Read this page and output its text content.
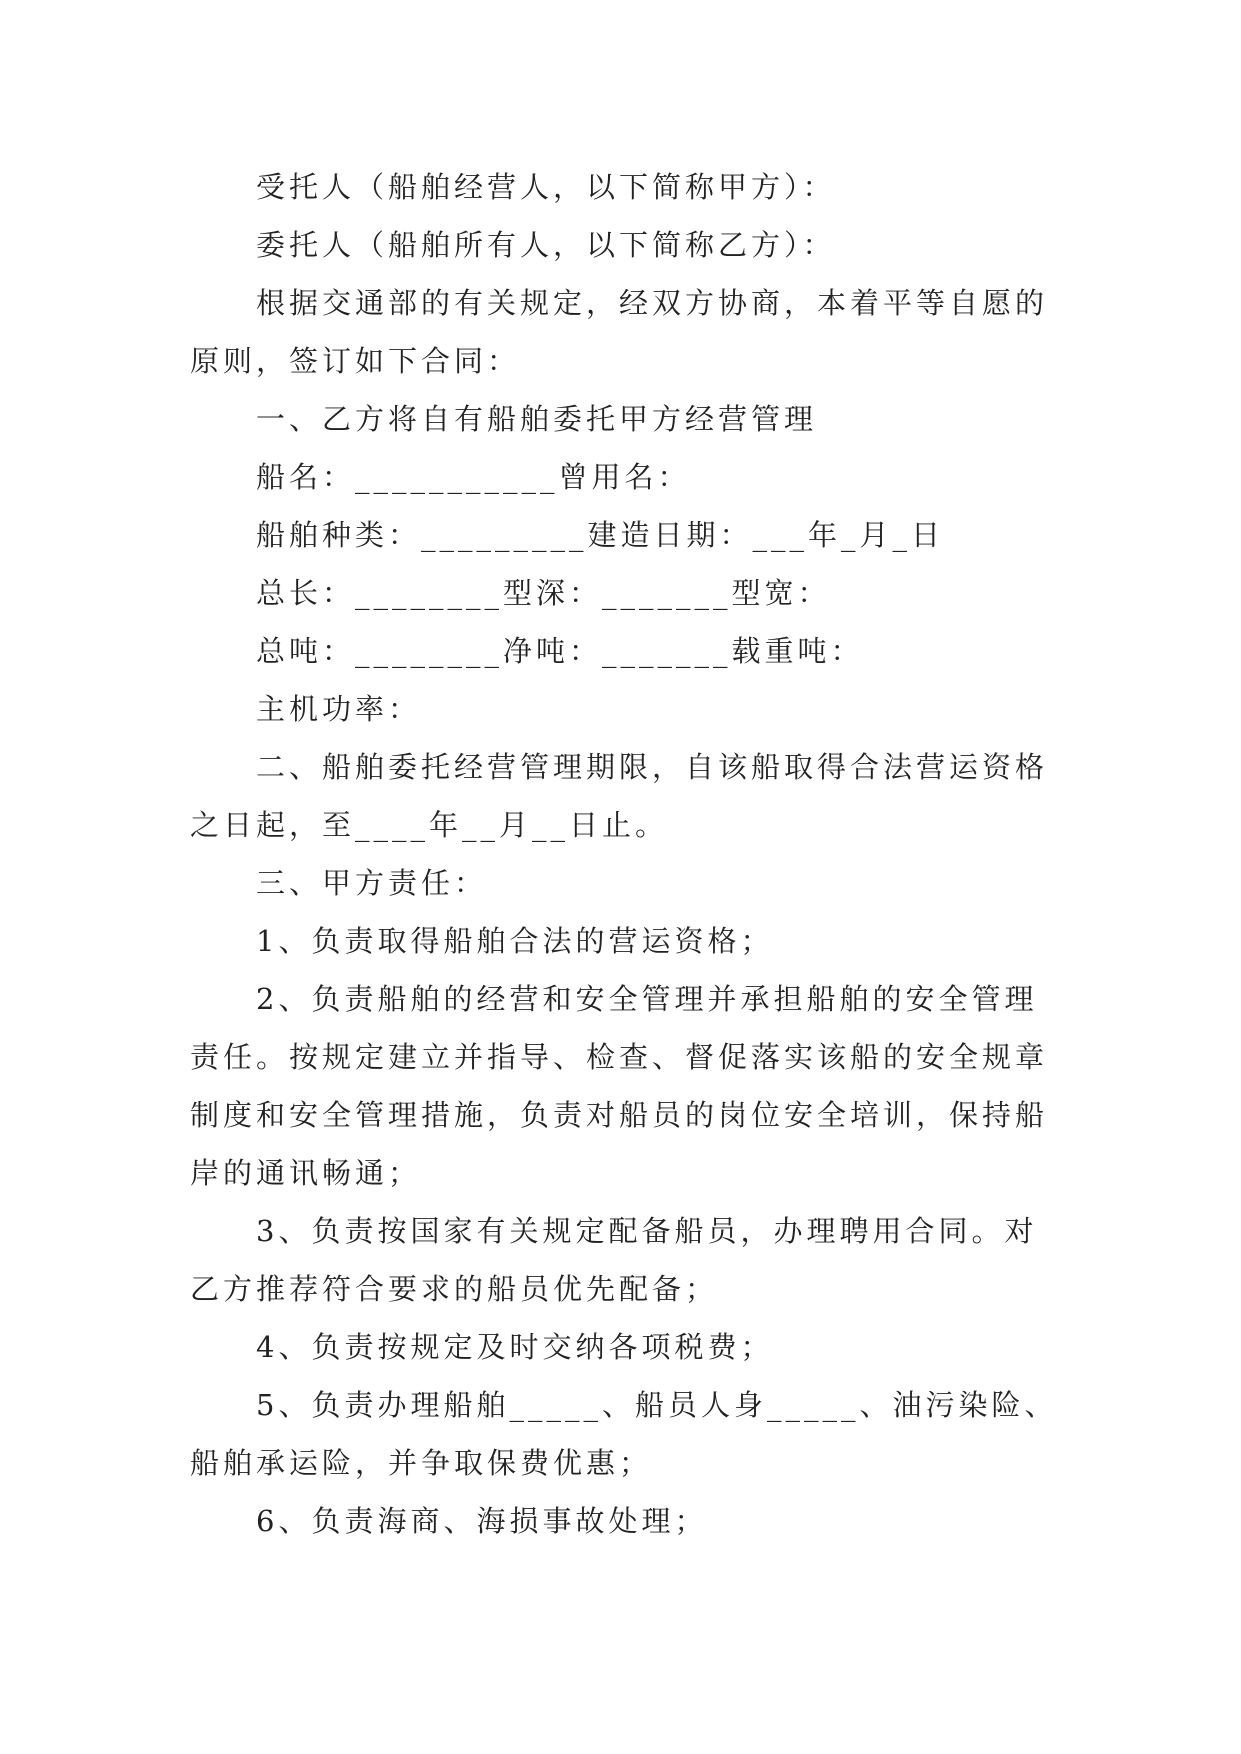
受托人（船舶经营人，以下简称甲方）：
委托人（船舶所有人，以下简称乙方）：
根据交通部的有关规定，经双方协商，本着平等自愿的
原则，签订如下合同：
一、乙方将自有船舶委托甲方经营管理
船名：___________曾用名：
船舶种类：_________建造日期：___年_月_日
总长：________型深：_______型宽：
总吨：________净吨：_______载重吨：
主机功率：
二、船舶委托经营管理期限，自该船取得合法营运资格
之日起，至____年__月__日止。
三、甲方责任：
1、负责取得船舶合法的营运资格；
2、负责船舶的经营和安全管理并承担船舶的安全管理
责任。按规定建立并指导、检查、督促落实该船的安全规章
制度和安全管理措施，负责对船员的岗位安全培训，保持船
岸的通讯畅通；
3、负责按国家有关规定配备船员，办理聘用合同。对
乙方推荐符合要求的船员优先配备；
4、负责按规定及时交纳各项税费；
5、负责办理船舶_____、船员人身_____、油污染险、
船舶承运险，并争取保费优惠；
6、负责海商、海损事故处理；
